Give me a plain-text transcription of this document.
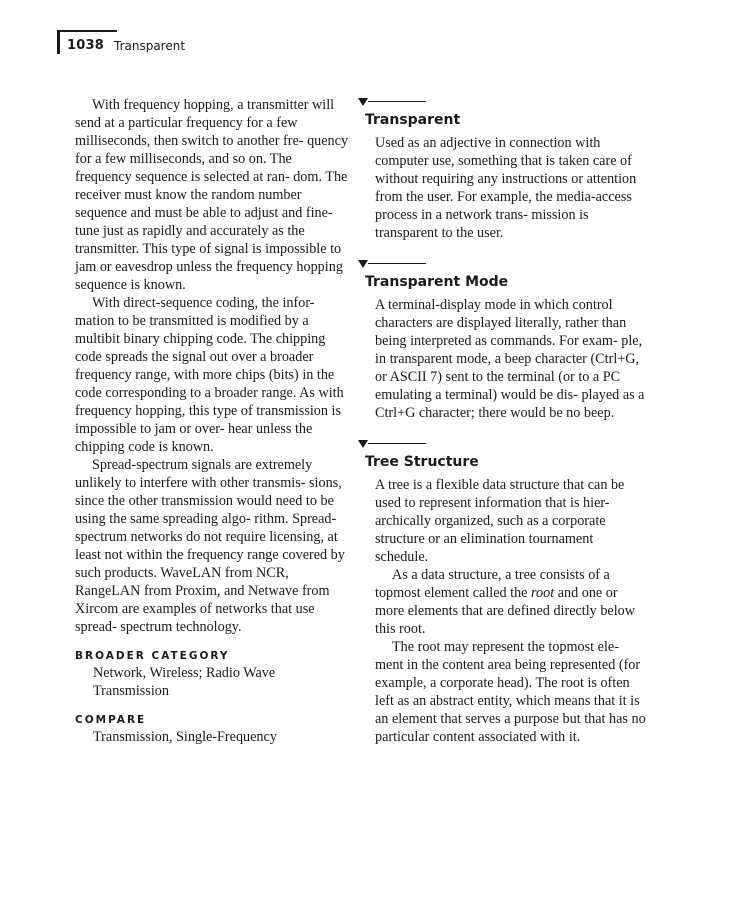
1038 Transparent

With frequency hopping, a transmitter will send at a particular frequency for a few milliseconds, then switch to another fre- quency for a few milliseconds, and so on. The frequency sequence is selected at ran- dom. The receiver must know the random number sequence and must be able to adjust and fine-tune just as rapidly and accurately as the transmitter. This type of signal is impossible to jam or eavesdrop unless the frequency hopping sequence is known.

With direct-sequence coding, the infor- mation to be transmitted is modified by a multibit binary chipping code. The chipping code spreads the signal out over a broader frequency range, with more chips (bits) in the code corresponding to a broader range. As with frequency hopping, this type of transmission is impossible to jam or over- hear unless the chipping code is known.

Spread-spectrum signals are extremely unlikely to interfere with other transmis- sions, since the other transmission would need to be using the same spreading algo- rithm. Spread-spectrum networks do not require licensing, at least not within the frequency range covered by such products. WaveLAN from NCR, RangeLAN from Proxim, and Netwave from Xircom are examples of networks that use spread- spectrum technology.

BROADER CATEGORY

Network, Wireless; Radio Wave Transmission

COMPARE

Transmission, Single-Frequency

Transparent

Used as an adjective in connection with computer use, something that is taken care of without requiring any instructions or attention from the user. For example, the media-access process in a network trans- mission is transparent to the user.

Transparent Mode

A terminal-display mode in which control characters are displayed literally, rather than being interpreted as commands. For exam- ple, in transparent mode, a beep character (Ctrl+G, or ASCII 7) sent to the terminal (or to a PC emulating a terminal) would be dis- played as a Ctrl+G character; there would be no beep.

Tree Structure

A tree is a flexible data structure that can be used to represent information that is hier- archically organized, such as a corporate structure or an elimination tournament schedule.

As a data structure, a tree consists of a topmost element called the root and one or more elements that are defined directly below this root.

The root may represent the topmost ele- ment in the content area being represented (for example, a corporate head). The root is often left as an abstract entity, which means that it is an element that serves a purpose but that has no particular content associated with it.
